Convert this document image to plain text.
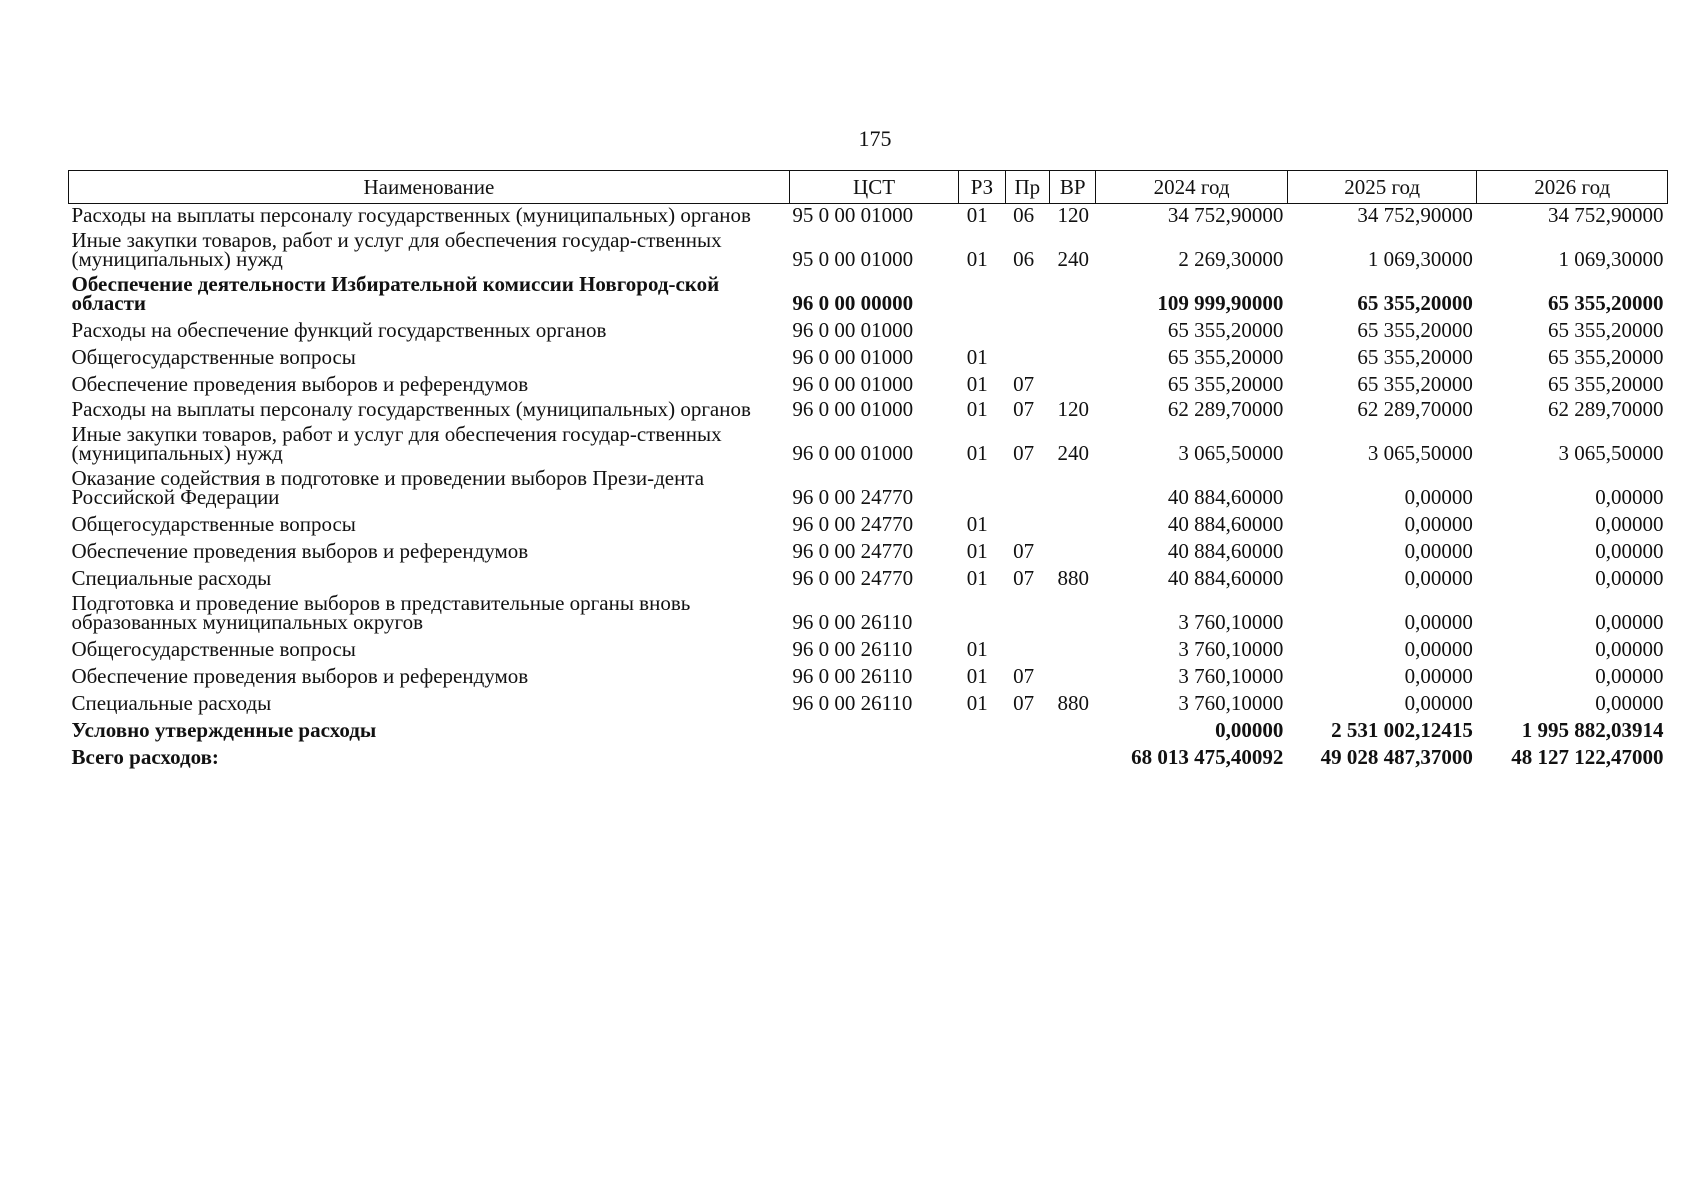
175
Наименование	ЦСТ	РЗ	Пр	ВР	2024 год	2025 год	2026 год
Расходы на выплаты персоналу государственных (муниципальных) органов	95 0 00 01000	01	06	120	34 752,90000	34 752,90000	34 752,90000
Иные закупки товаров, работ и услуг для обеспечения государ-ственных (муниципальных) нужд	95 0 00 01000	01	06	240	2 269,30000	1 069,30000	1 069,30000
Обеспечение деятельности Избирательной комиссии Новгород-ской области	96 0 00 00000				109 999,90000	65 355,20000	65 355,20000
Расходы на обеспечение функций государственных органов	96 0 00 01000				65 355,20000	65 355,20000	65 355,20000
Общегосударственные вопросы	96 0 00 01000	01			65 355,20000	65 355,20000	65 355,20000
Обеспечение проведения выборов и референдумов	96 0 00 01000	01	07		65 355,20000	65 355,20000	65 355,20000
Расходы на выплаты персоналу государственных (муниципальных) органов	96 0 00 01000	01	07	120	62 289,70000	62 289,70000	62 289,70000
Иные закупки товаров, работ и услуг для обеспечения государ-ственных (муниципальных) нужд	96 0 00 01000	01	07	240	3 065,50000	3 065,50000	3 065,50000
Оказание содействия в подготовке и проведении выборов Прези-дента Российской Федерации	96 0 00 24770				40 884,60000	0,00000	0,00000
Общегосударственные вопросы	96 0 00 24770	01			40 884,60000	0,00000	0,00000
Обеспечение проведения выборов и референдумов	96 0 00 24770	01	07		40 884,60000	0,00000	0,00000
Специальные расходы	96 0 00 24770	01	07	880	40 884,60000	0,00000	0,00000
Подготовка и проведение выборов в представительные органы вновь образованных муниципальных округов	96 0 00 26110				3 760,10000	0,00000	0,00000
Общегосударственные вопросы	96 0 00 26110	01			3 760,10000	0,00000	0,00000
Обеспечение проведения выборов и референдумов	96 0 00 26110	01	07		3 760,10000	0,00000	0,00000
Специальные расходы	96 0 00 26110	01	07	880	3 760,10000	0,00000	0,00000
Условно утвержденные расходы					0,00000	2 531 002,12415	1 995 882,03914
Всего расходов:					68 013 475,40092	49 028 487,37000	48 127 122,47000
